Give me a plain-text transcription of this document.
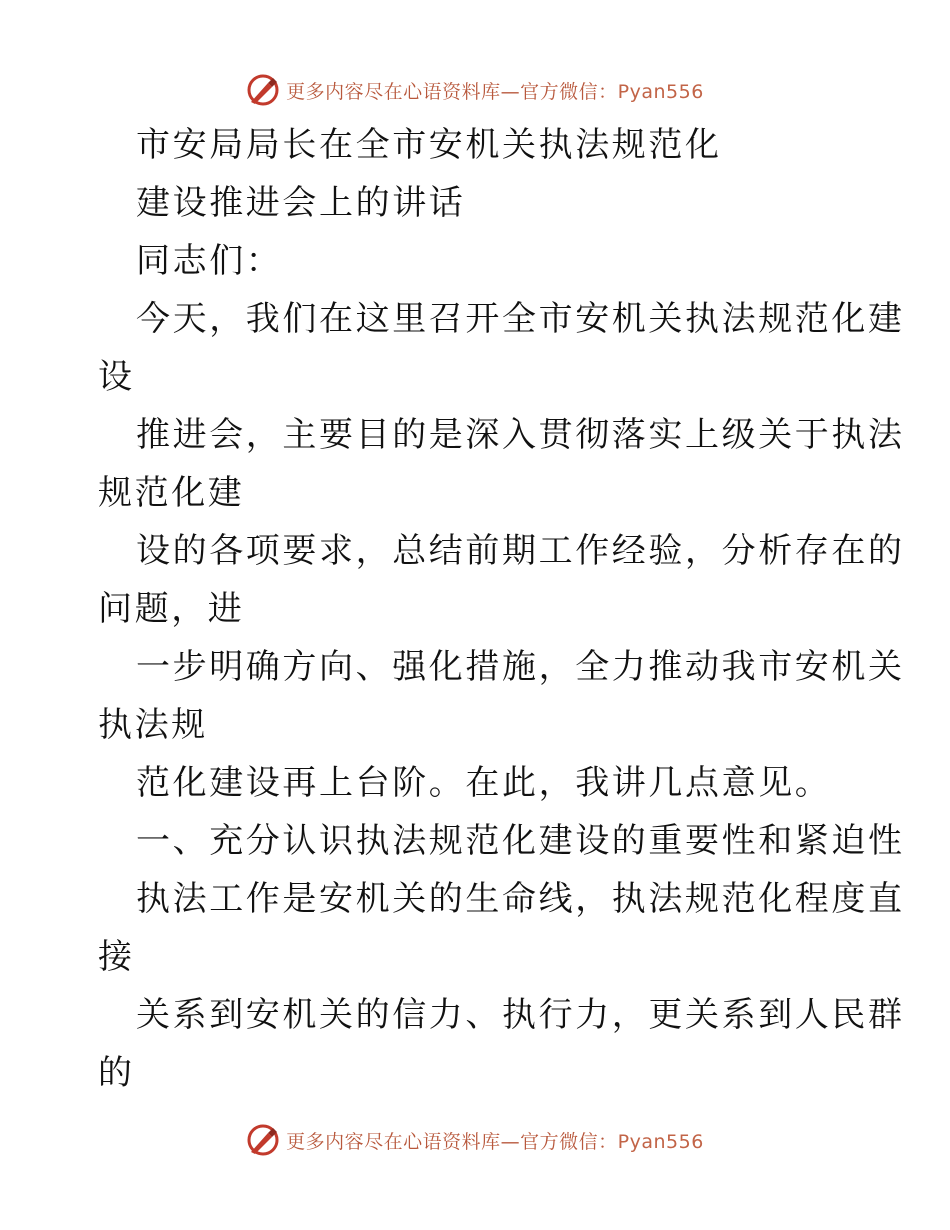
更多内容尽在心语资料库—官方微信：Pyan556
市安局局长在全市安机关执法规范化
建设推进会上的讲话
同志们：
今天，我们在这里召开全市安机关执法规范化建
设
推进会，主要目的是深入贯彻落实上级关于执法
规范化建
设的各项要求，总结前期工作经验，分析存在的
问题，进
一步明确方向、强化措施，全力推动我市安机关
执法规
范化建设再上台阶。在此，我讲几点意见。
一、充分认识执法规范化建设的重要性和紧迫性
执法工作是安机关的生命线，执法规范化程度直
接
关系到安机关的信力、执行力，更关系到人民群
的
更多内容尽在心语资料库—官方微信：Pyan556
